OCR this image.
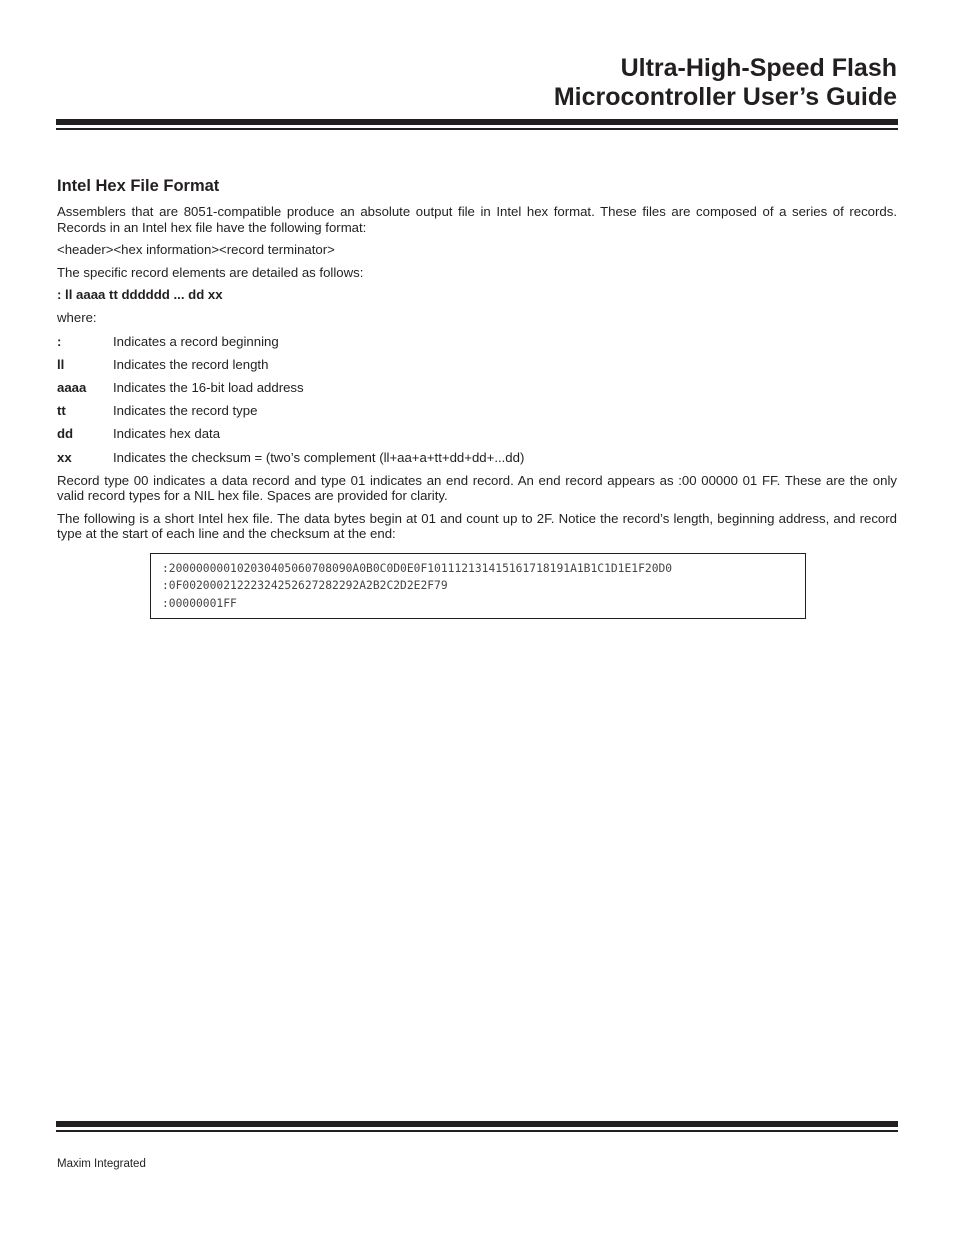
Ultra-High-Speed Flash
Microcontroller User’s Guide
Intel Hex File Format

Assemblers that are 8051-compatible produce an absolute output file in Intel hex format. These files are composed of a series of records. Records in an Intel hex file have the following format:

<header><hex information><record terminator>

The specific record elements are detailed as follows:

: ll aaaa tt dddddd ... dd xx

where:

:	Indicates a record beginning
ll	Indicates the record length
aaaa	Indicates the 16-bit load address
tt	Indicates the record type
dd	Indicates hex data
xx	Indicates the checksum = (two’s complement (ll+aa+a+tt+dd+dd+...dd)

Record type 00 indicates a data record and type 01 indicates an end record. An end record appears as :00 00000 01 FF. These are the only valid record types for a NIL hex file. Spaces are provided for clarity.

The following is a short Intel hex file. The data bytes begin at 01 and count up to 2F. Notice the record’s length, beginning address, and record type at the start of each line and the checksum at the end:

:200000000102030405060708090A0B0C0D0E0F101112131415161718191A1B1C1D1E1F20D0
:0F00200021222324252627282292A2B2C2D2E2F79
:00000001FF
Maxim Integrated
